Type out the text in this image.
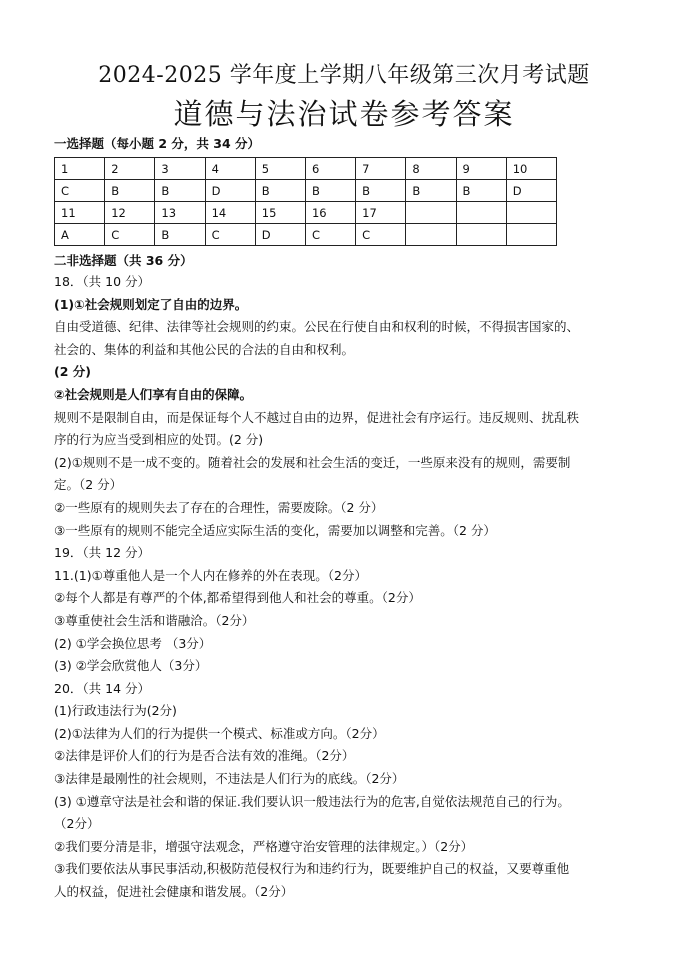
2024-2025 学年度上学期八年级第三次月考试题
道德与法治试卷参考答案
一选择题（每小题 2 分，共 34 分）
1	2	3	4	5	6	7	8	9	10
C	B	B	D	B	B	B	B	B	D
11	12	13	14	15	16	17			
A	C	B	C	D	C	C			
二非选择题（共 36 分）

18．（共 10 分）

(1)①社会规则划定了自由的边界。

自由受道德、纪律、法律等社会规则的约束。公民在行使自由和权利的时候，不得损害国家的、

社会的、集体的利益和其他公民的合法的自由和权利。

(2 分)

②社会规则是人们享有自由的保障。

规则不是限制自由，而是保证每个人不越过自由的边界，促进社会有序运行。违反规则、扰乱秩

序的行为应当受到相应的处罚。(2 分)

(2)①规则不是一成不变的。随着社会的发展和社会生活的变迁，一些原来没有的规则，需要制

定。（2 分）

②一些原有的规则失去了存在的合理性，需要废除。（2 分）

③一些原有的规则不能完全适应实际生活的变化，需要加以调整和完善。（2 分）

19．（共 12 分）

11.(1)①尊重他人是一个人内在修养的外在表现。（2分）

②每个人都是有尊严的个体,都希望得到他人和社会的尊重。（2分）

③尊重使社会生活和谐融洽。（2分）

(2) ①学会换位思考 （3分）

(3) ②学会欣赏他人（3分）

20．（共 14 分）

(1)行政违法行为(2分)

(2)①法律为人们的行为提供一个模式、标准或方向。（2分）

②法律是评价人们的行为是否合法有效的准绳。（2分）

③法律是最刚性的社会规则，不违法是人们行为的底线。（2分）

(3) ①遵章守法是社会和谐的保证.我们要认识一般违法行为的危害,自觉依法规范自己的行为。

（2分）

②我们要分清是非，增强守法观念，严格遵守治安管理的法律规定。）（2分）

③我们要依法从事民事活动,积极防范侵权行为和违约行为，既要维护自己的权益，又要尊重他

人的权益，促进社会健康和谐发展。（2分）
